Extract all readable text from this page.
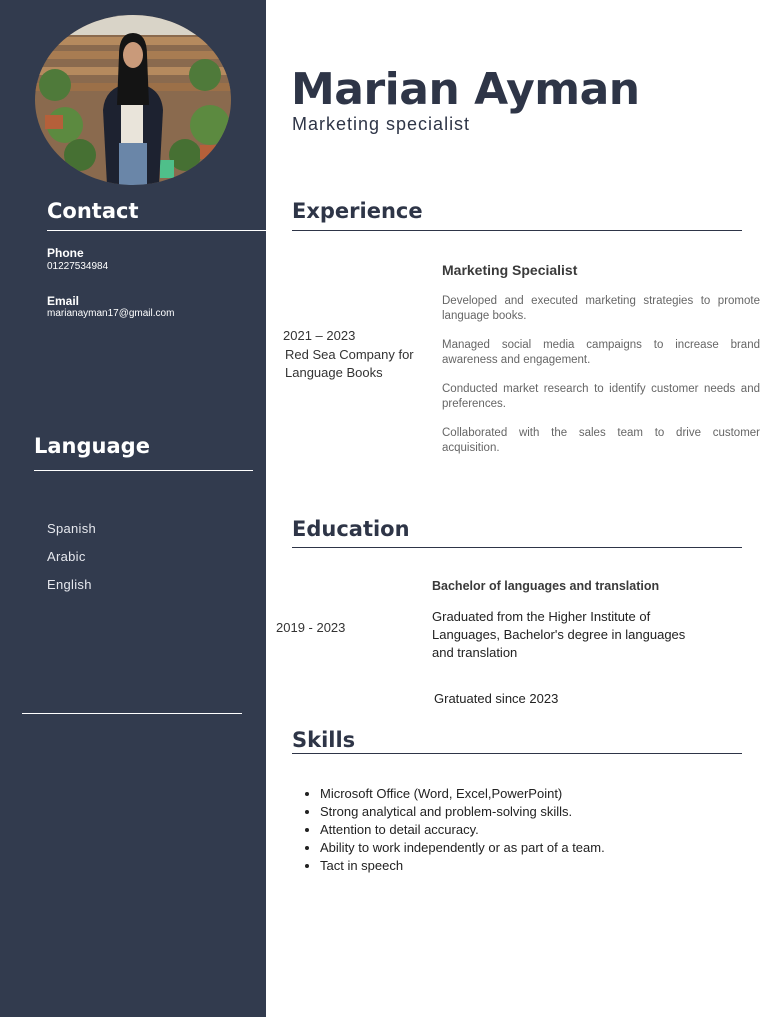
Contact
Phone
01227534984
Email
marianayman17@gmail.com
Language
Spanish
Arabic
English
Marian Ayman
Marketing specialist
Experience
2021 – 2023
Red Sea Company for Language Books
Marketing Specialist

Developed and executed marketing strategies to promote language books.

Managed social media campaigns to increase brand awareness and engagement.

Conducted market research to identify customer needs and preferences.

Collaborated with the sales team to drive customer acquisition.

Education
2019 - 2023
Bachelor of languages and translation
Graduated from the Higher Institute of Languages, Bachelor's degree in languages and translation
Gratuated since 2023
Skills
• Microsoft Office (Word, Excel,PowerPoint)
• Strong analytical and problem-solving skills.
• Attention to detail accuracy.
• Ability to work independently or as part of a team.
• Tact in speech
